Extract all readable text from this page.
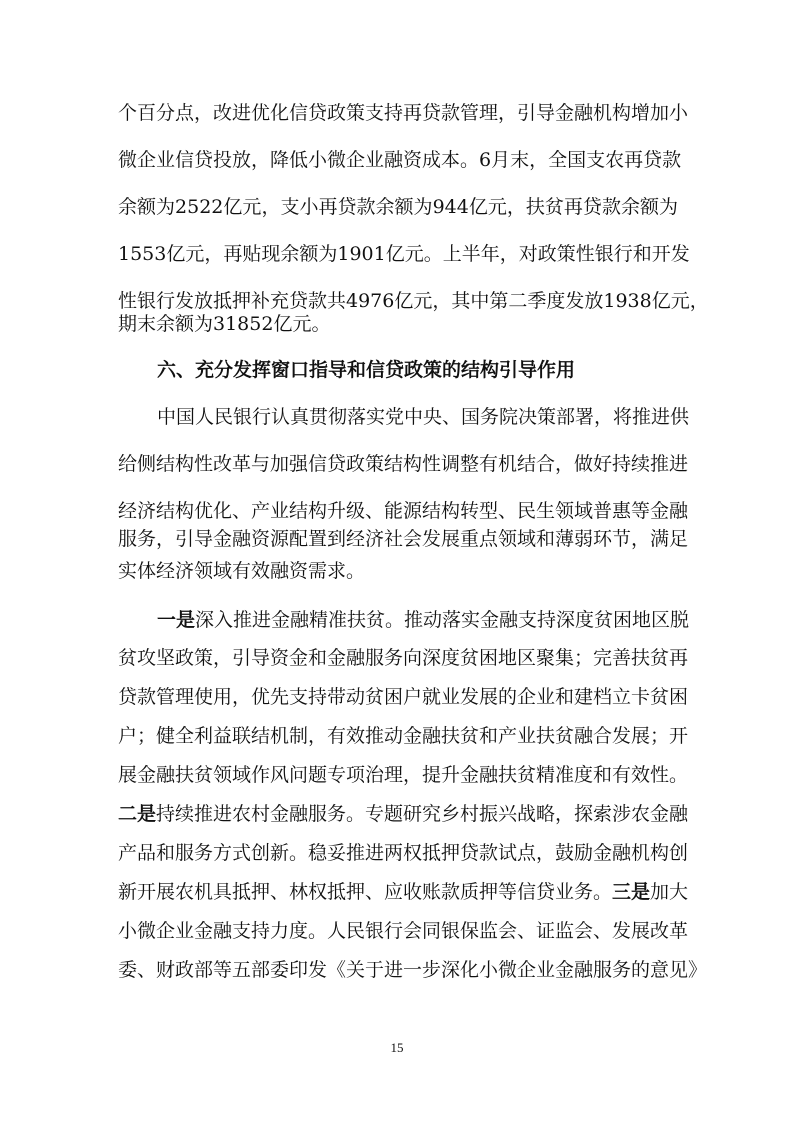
个百分点，改进优化信贷政策支持再贷款管理，引导金融机构增加小
微企业信贷投放，降低小微企业融资成本。6月末，全国支农再贷款
余额为2522亿元，支小再贷款余额为944亿元，扶贫再贷款余额为
1553亿元，再贴现余额为1901亿元。上半年，对政策性银行和开发
性银行发放抵押补充贷款共4976亿元，其中第二季度发放1938亿元，
期末余额为31852亿元。
六、充分发挥窗口指导和信贷政策的结构引导作用
中国人民银行认真贯彻落实党中央、国务院决策部署，将推进供
给侧结构性改革与加强信贷政策结构性调整有机结合，做好持续推进
经济结构优化、产业结构升级、能源结构转型、民生领域普惠等金融
服务，引导金融资源配置到经济社会发展重点领域和薄弱环节，满足
实体经济领域有效融资需求。
一是深入推进金融精准扶贫。推动落实金融支持深度贫困地区脱
贫攻坚政策，引导资金和金融服务向深度贫困地区聚集；完善扶贫再
贷款管理使用，优先支持带动贫困户就业发展的企业和建档立卡贫困
户；健全利益联结机制，有效推动金融扶贫和产业扶贫融合发展；开
展金融扶贫领域作风问题专项治理，提升金融扶贫精准度和有效性。
二是持续推进农村金融服务。专题研究乡村振兴战略，探索涉农金融
产品和服务方式创新。稳妥推进两权抵押贷款试点，鼓励金融机构创
新开展农机具抵押、林权抵押、应收账款质押等信贷业务。三是加大
小微企业金融支持力度。人民银行会同银保监会、证监会、发展改革
委、财政部等五部委印发《关于进一步深化小微企业金融服务的意见》
15
